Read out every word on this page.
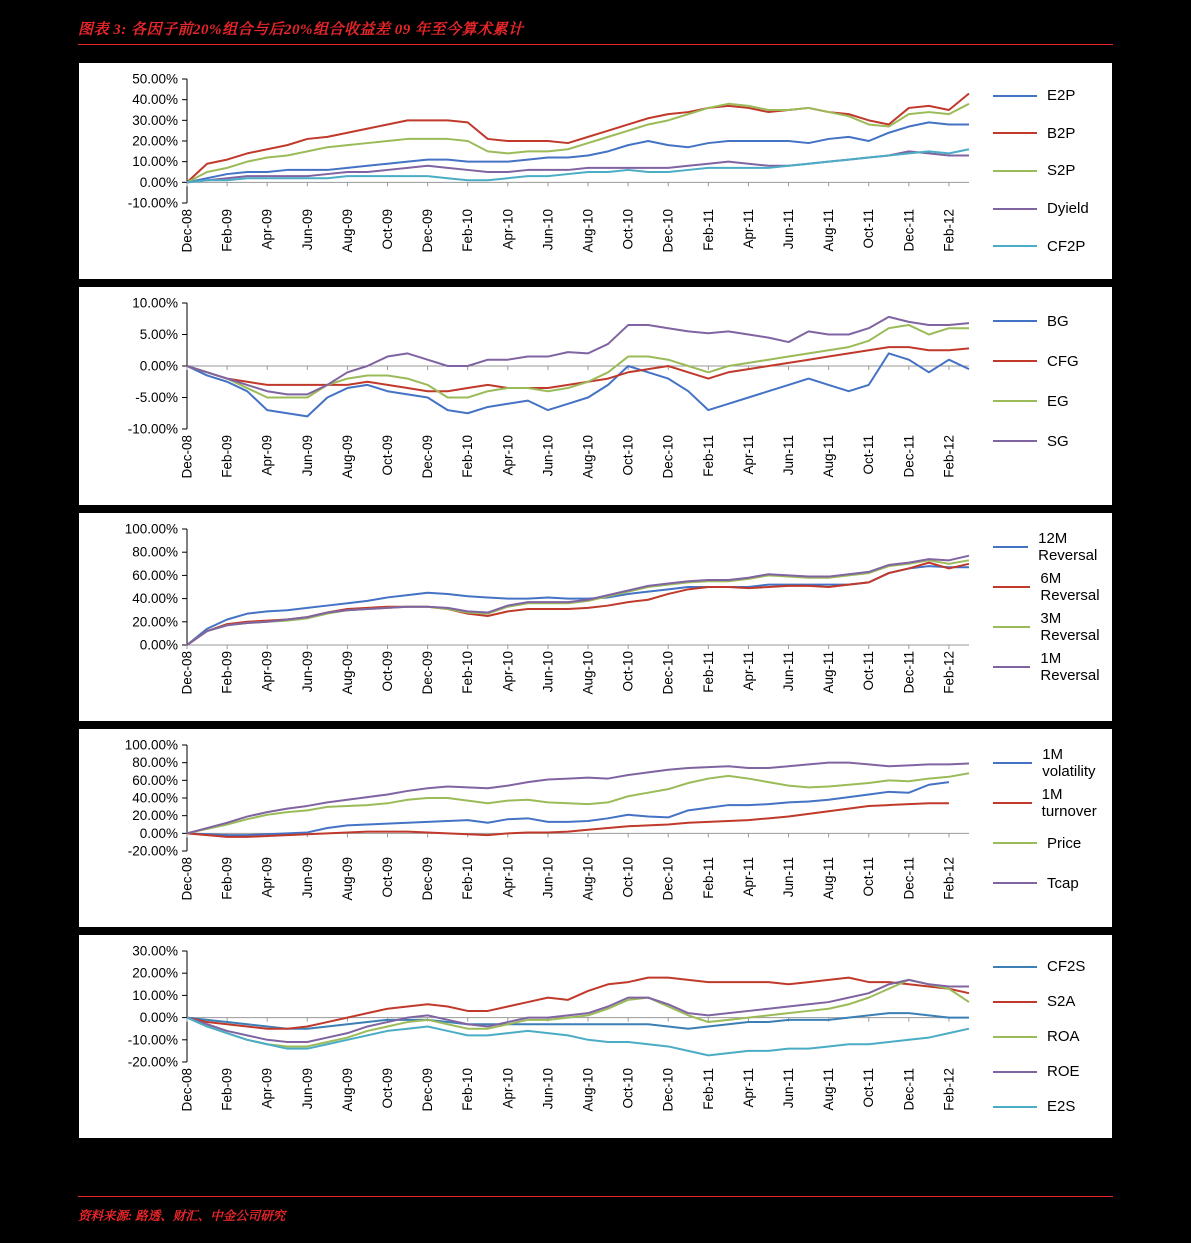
图表 3: 各因子前20%组合与后20%组合收益差 09 年至今算术累计
-10.00%
0.00%
10.00%
20.00%
30.00%
40.00%
50.00%
Dec-08 Feb-09 Apr-09 Jun-09 Aug-09 Oct-09 Dec-09 Feb-10 Apr-10 Jun-10 Aug-10 Oct-10 Dec-10 Feb-11 Apr-11 Jun-11 Aug-11 Oct-11 Dec-11 Feb-12
E2P
B2P
S2P
Dyield
CF2P
-10.00%
-5.00%
0.00%
5.00%
10.00%
Dec-08 Feb-09 Apr-09 Jun-09 Aug-09 Oct-09 Dec-09 Feb-10 Apr-10 Jun-10 Aug-10 Oct-10 Dec-10 Feb-11 Apr-11 Jun-11 Aug-11 Oct-11 Dec-11 Feb-12
BG
CFG
EG
SG
0.00%
20.00%
40.00%
60.00%
80.00%
100.00%
Dec-08 Feb-09 Apr-09 Jun-09 Aug-09 Oct-09 Dec-09 Feb-10 Apr-10 Jun-10 Aug-10 Oct-10 Dec-10 Feb-11 Apr-11 Jun-11 Aug-11 Oct-11 Dec-11 Feb-12
12M Reversal
6M Reversal
3M Reversal
1M Reversal
-20.00%
0.00%
20.00%
40.00%
60.00%
80.00%
100.00%
Dec-08 Feb-09 Apr-09 Jun-09 Aug-09 Oct-09 Dec-09 Feb-10 Apr-10 Jun-10 Aug-10 Oct-10 Dec-10 Feb-11 Apr-11 Jun-11 Aug-11 Oct-11 Dec-11 Feb-12
1M volatility
1M turnover
Price
Tcap
-20.00%
-10.00%
0.00%
10.00%
20.00%
30.00%
Dec-08 Feb-09 Apr-09 Jun-09 Aug-09 Oct-09 Dec-09 Feb-10 Apr-10 Jun-10 Aug-10 Oct-10 Dec-10 Feb-11 Apr-11 Jun-11 Aug-11 Oct-11 Dec-11 Feb-12
CF2S
S2A
ROA
ROE
E2S
资料来源: 路透、财汇、中金公司研究
